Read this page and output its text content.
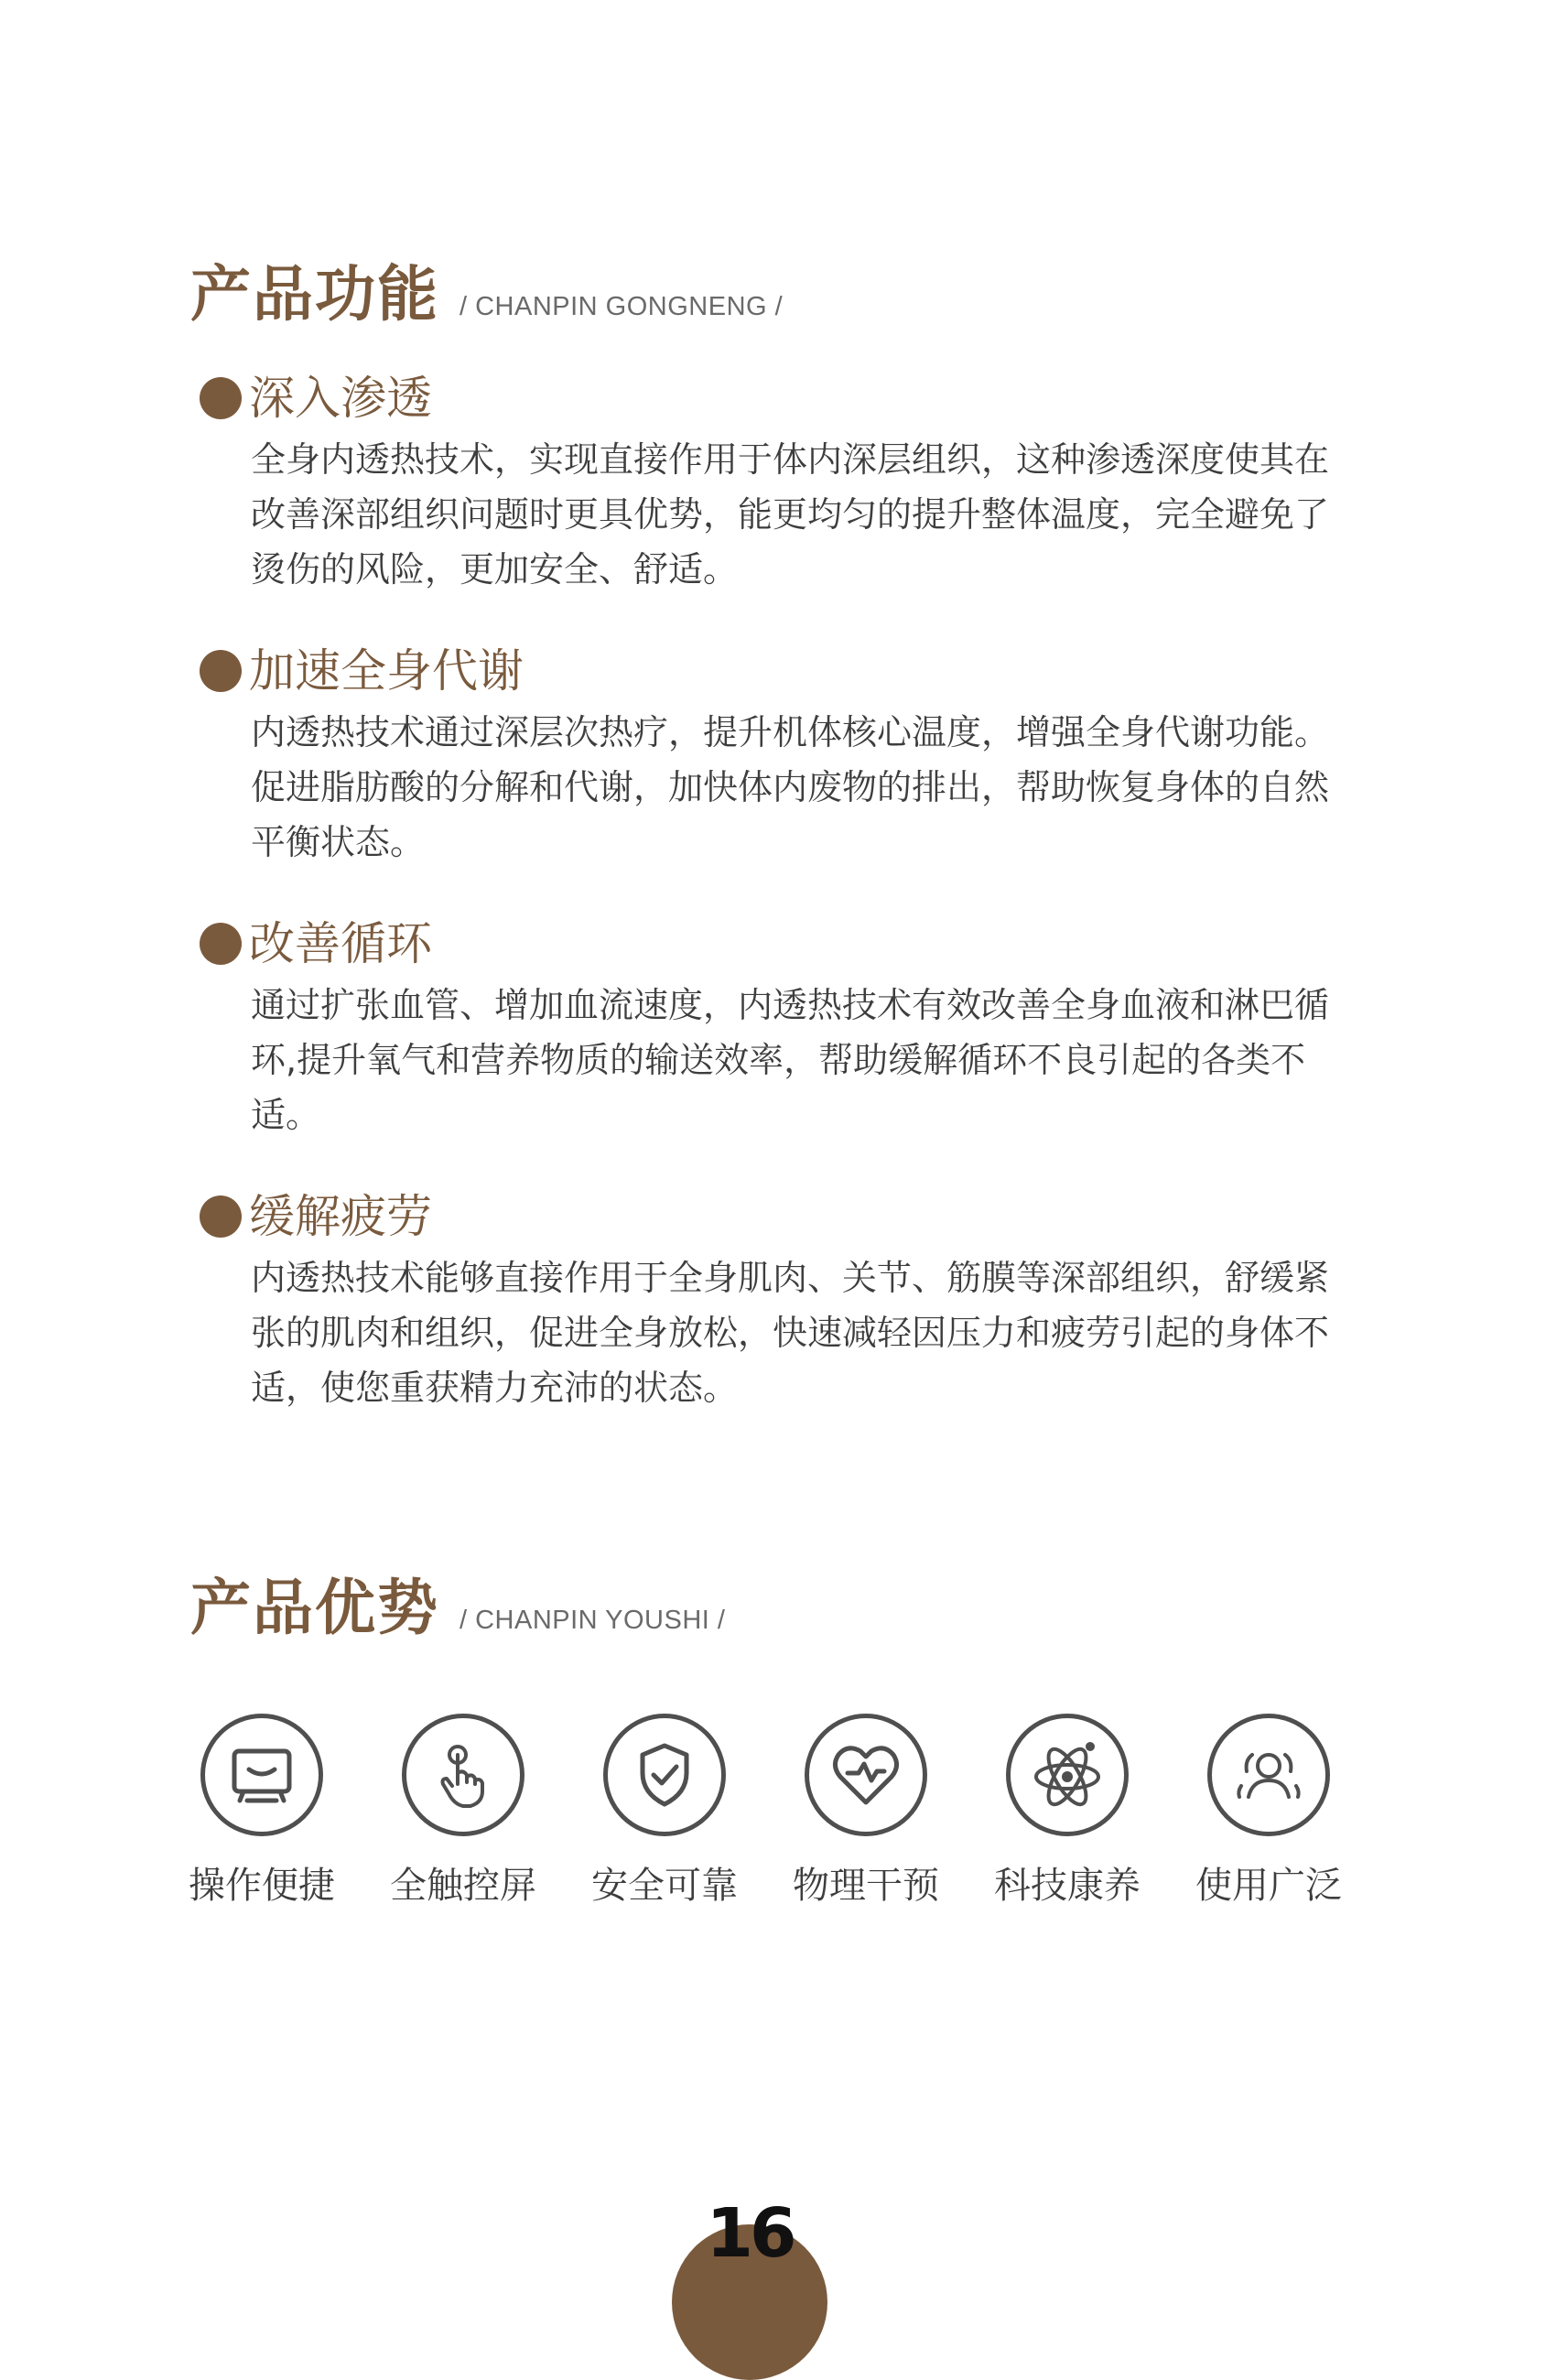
产品功能 / CHANPIN GONGNENG /
深入渗透
全身内透热技术，实现直接作用于体内深层组织，这种渗透深度使其在改善深部组织问题时更具优势，能更均匀的提升整体温度，完全避免了烫伤的风险，更加安全、舒适。
加速全身代谢
内透热技术通过深层次热疗，提升机体核心温度，增强全身代谢功能。促进脂肪酸的分解和代谢，加快体内废物的排出，帮助恢复身体的自然平衡状态。
改善循环
通过扩张血管、增加血流速度，内透热技术有效改善全身血液和淋巴循环,提升氧气和营养物质的输送效率，帮助缓解循环不良引起的各类不适。
缓解疲劳
内透热技术能够直接作用于全身肌肉、关节、筋膜等深部组织，舒缓紧张的肌肉和组织，促进全身放松，快速减轻因压力和疲劳引起的身体不适，使您重获精力充沛的状态。
产品优势 / CHANPIN YOUSHI /
操作便捷	全触控屏	安全可靠	物理干预	科技康养	使用广泛
16
